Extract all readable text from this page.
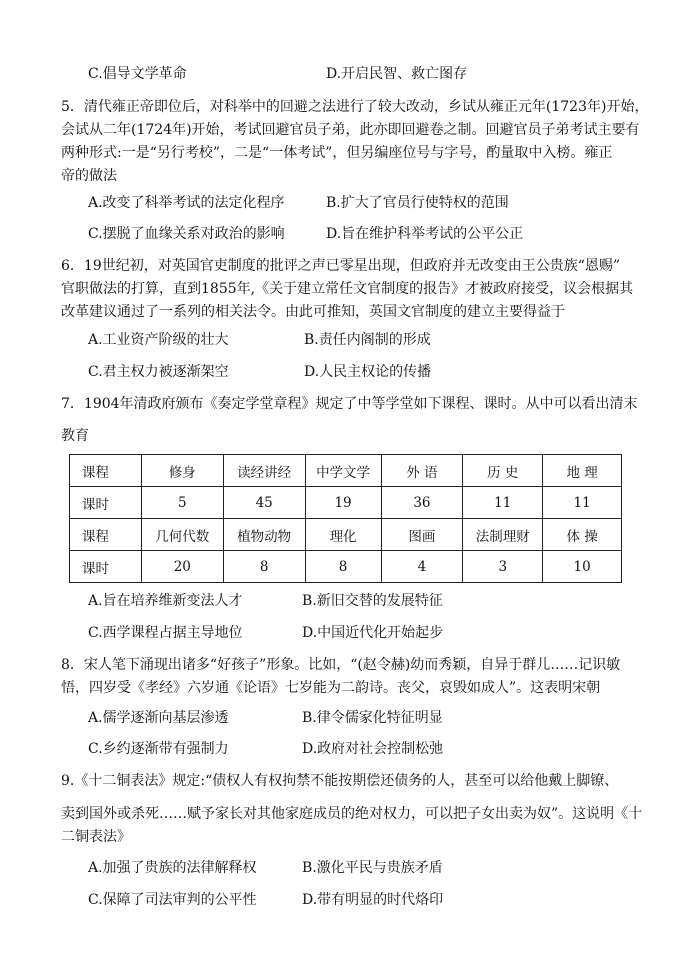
C.倡导文学革命	D.开启民智、救亡图存
5．清代雍正帝即位后，对科举中的回避之法进行了较大改动，乡试从雍正元年(1723年)开始，
会试从二年(1724年)开始，考试回避官员子弟，此亦即回避卷之制。回避官员子弟考试主要有
两种形式:一是“另行考校”，二是“一体考试”，但另编座位号与字号，酌量取中入榜。雍正
帝的做法
A.改变了科举考试的法定化程序	B.扩大了官员行使特权的范围
C.摆脱了血缘关系对政治的影响	D.旨在维护科举考试的公平公正
6．19世纪初，对英国官吏制度的批评之声已零星出现，但政府并无改变由王公贵族“恩赐”
官职做法的打算，直到1855年,《关于建立常任文官制度的报告》才被政府接受，议会根据其
改革建议通过了一系列的相关法令。由此可推知，英国文官制度的建立主要得益于
A.工业资产阶级的壮大	B.责任内阁制的形成
C.君主权力被逐渐架空	D.人民主权论的传播
7．1904年清政府颁布《奏定学堂章程》规定了中等学堂如下课程、课时。从中可以看出清末
教育
课程	修身	读经讲经	中学文学	外 语	历 史	地 理
课时	5	45	19	36	11	11
课程	几何代数	植物动物	理化	图画	法制理财	体 操
课时	20	8	8	4	3	10
A.旨在培养维新变法人才	B.新旧交替的发展特征
C.西学课程占据主导地位	D.中国近代化开始起步
8．宋人笔下涌现出诸多“好孩子”形象。比如，“(赵令赫)幼而秀颖，自异于群儿……记识敏
悟，四岁受《孝经》六岁通《论语》七岁能为二韵诗。丧父，哀毁如成人”。这表明宋朝
A.儒学逐渐向基层渗透	B.律令儒家化特征明显
C.乡约逐渐带有强制力	D.政府对社会控制松弛
9.《十二铜表法》规定:“债权人有权拘禁不能按期偿还债务的人，甚至可以给他戴上脚镣、
卖到国外或杀死……赋予家长对其他家庭成员的绝对权力，可以把子女出卖为奴”。这说明《十
二铜表法》
A.加强了贵族的法律解释权	B.激化平民与贵族矛盾
C.保障了司法审判的公平性	D.带有明显的时代烙印
